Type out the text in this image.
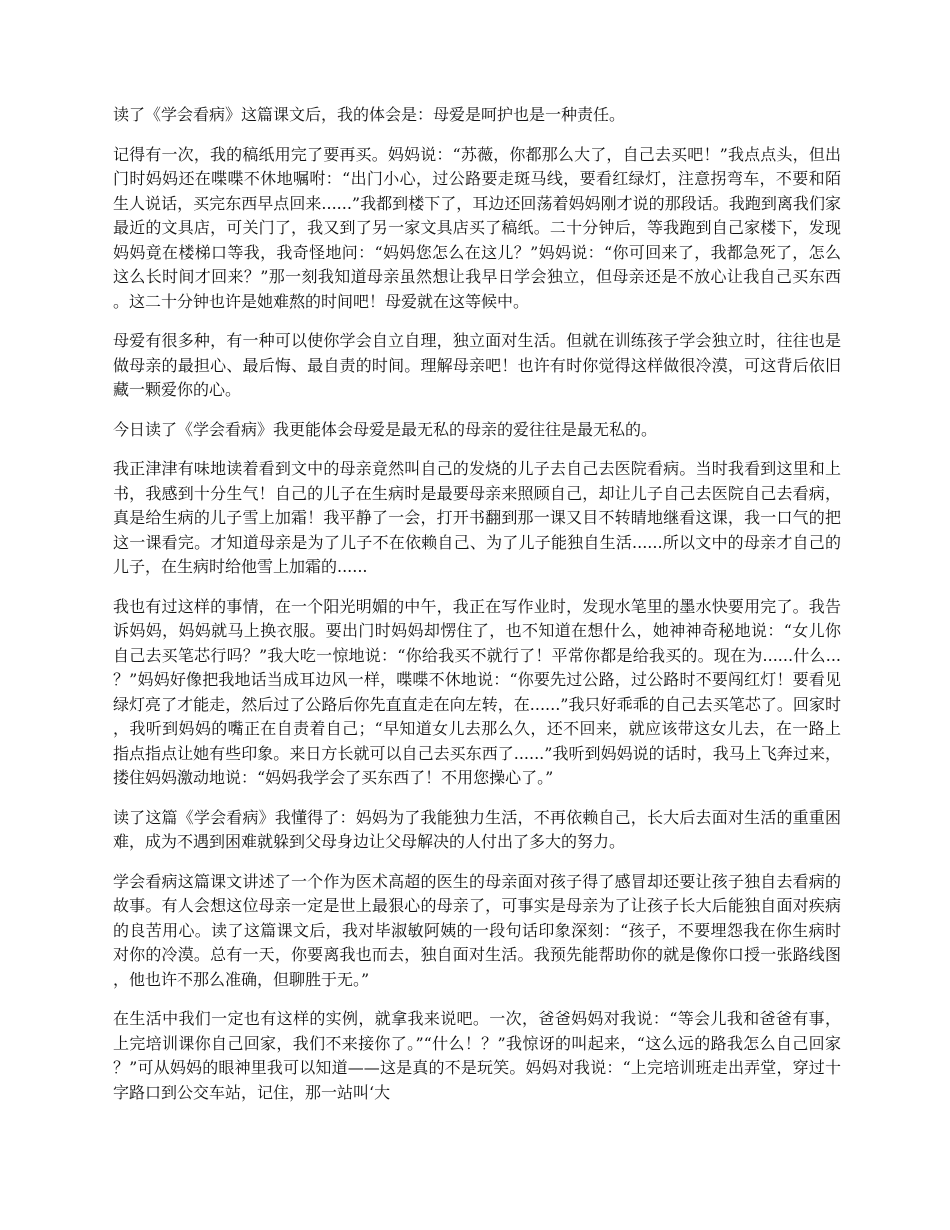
读了《学会看病》这篇课文后，我的体会是：母爱是呵护也是一种责任。

记得有一次，我的稿纸用完了要再买。妈妈说：“苏薇，你都那么大了，自己去买吧！”我点点头，但出门时妈妈还在喋喋不休地嘱咐：“出门小心，过公路要走斑马线，要看红绿灯，注意拐弯车，不要和陌生人说话，买完东西早点回来......”我都到楼下了，耳边还回荡着妈妈刚才说的那段话。我跑到离我们家最近的文具店，可关门了，我又到了另一家文具店买了稿纸。二十分钟后，等我跑到自己家楼下，发现妈妈竟在楼梯口等我，我奇怪地问：“妈妈您怎么在这儿？”妈妈说：“你可回来了，我都急死了，怎么这么长时间才回来？”那一刻我知道母亲虽然想让我早日学会独立，但母亲还是不放心让我自己买东西。这二十分钟也许是她难熬的时间吧！母爱就在这等候中。

母爱有很多种，有一种可以使你学会自立自理，独立面对生活。但就在训练孩子学会独立时，往往也是做母亲的最担心、最后悔、最自责的时间。理解母亲吧！也许有时你觉得这样做很冷漠，可这背后依旧藏一颗爱你的心。

今日读了《学会看病》我更能体会母爱是最无私的母亲的爱往往是最无私的。

我正津津有味地读着看到文中的母亲竟然叫自己的发烧的儿子去自己去医院看病。当时我看到这里和上书，我感到十分生气！自己的儿子在生病时是最要母亲来照顾自己，却让儿子自己去医院自己去看病，真是给生病的儿子雪上加霜！我平静了一会，打开书翻到那一课又目不转睛地继看这课，我一口气的把这一课看完。才知道母亲是为了儿子不在依赖自己、为了儿子能独自生活......所以文中的母亲才自己的儿子，在生病时给他雪上加霜的......

我也有过这样的事情，在一个阳光明媚的中午，我正在写作业时，发现水笔里的墨水快要用完了。我告诉妈妈，妈妈就马上换衣服。要出门时妈妈却愣住了，也不知道在想什么，她神神奇秘地说：“女儿你自己去买笔芯行吗？”我大吃一惊地说：“你给我买不就行了！平常你都是给我买的。现在为......什么...？”妈妈好像把我地话当成耳边风一样，喋喋不休地说：“你要先过公路，过公路时不要闯红灯！要看见绿灯亮了才能走，然后过了公路后你先直直走在向左转，在......”我只好乖乖的自己去买笔芯了。回家时，我听到妈妈的嘴正在自责着自己；“早知道女儿去那么久，还不回来，就应该带这女儿去，在一路上指点指点让她有些印象。来日方长就可以自己去买东西了......”我听到妈妈说的话时，我马上飞奔过来，搂住妈妈激动地说：“妈妈我学会了买东西了！不用您操心了。”

读了这篇《学会看病》我懂得了：妈妈为了我能独力生活，不再依赖自己，长大后去面对生活的重重困难，成为不遇到困难就躲到父母身边让父母解决的人付出了多大的努力。

学会看病这篇课文讲述了一个作为医术高超的医生的母亲面对孩子得了感冒却还要让孩子独自去看病的故事。有人会想这位母亲一定是世上最狠心的母亲了，可事实是母亲为了让孩子长大后能独自面对疾病的良苦用心。读了这篇课文后，我对毕淑敏阿姨的一段句话印象深刻：“孩子，不要埋怨我在你生病时对你的冷漠。总有一天，你要离我也而去，独自面对生活。我预先能帮助你的就是像你口授一张路线图，他也许不那么准确，但聊胜于无。”

在生活中我们一定也有这样的实例，就拿我来说吧。一次，爸爸妈妈对我说：“等会儿我和爸爸有事，上完培训课你自己回家，我们不来接你了。”“什么！？”我惊讶的叫起来，“这么远的路我怎么自己回家？”可从妈妈的眼神里我可以知道——这是真的不是玩笑。妈妈对我说：“上完培训班走出弄堂，穿过十字路口到公交车站，记住，那一站叫‘大
